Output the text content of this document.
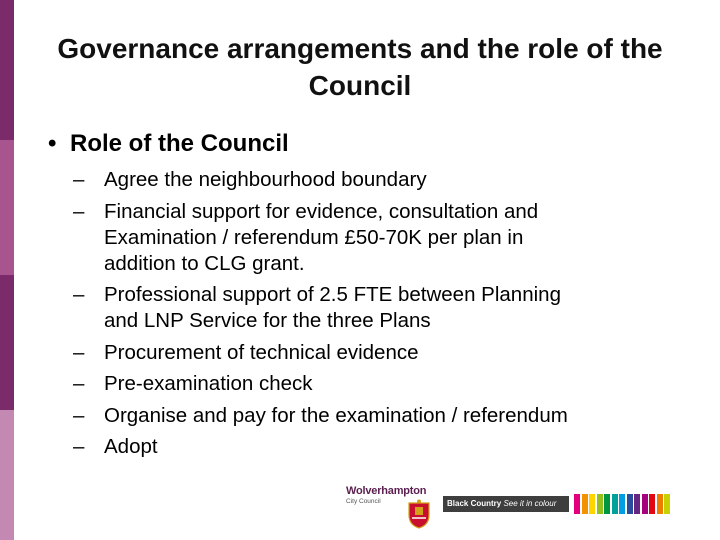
Governance arrangements and the role of the Council
• Role of the Council
– Agree the neighbourhood boundary
– Financial support for evidence, consultation and
Examination / referendum £50-70K per plan in
addition to CLG grant.
– Professional support of 2.5 FTE between Planning
and LNP Service for the three Plans
– Procurement of technical evidence
– Pre-examination check
– Organise and pay for the examination / referendum
– Adopt
Wolverhampton
City Council	Black Country See it in colour
